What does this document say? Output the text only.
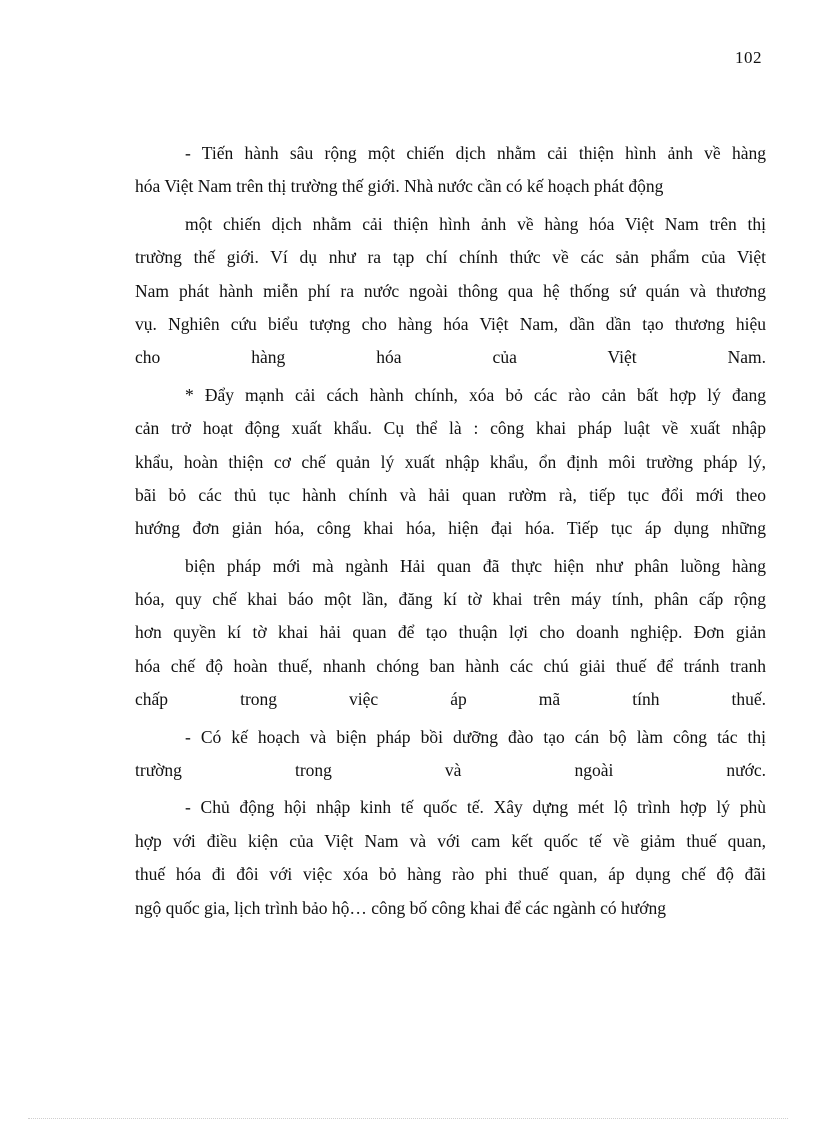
102
- Tiến hành sâu rộng một chiến dịch nhằm cải thiện hình ảnh về hàng
hóa Việt Nam trên thị trường thế giới. Nhà nước cần có kế hoạch phát động
một chiến dịch nhằm cải thiện hình ảnh về hàng hóa Việt Nam trên thị
trường thế giới. Ví dụ như ra tạp chí chính thức về các sản phẩm của Việt
Nam phát hành miễn phí ra nước ngoài thông qua hệ thống sứ quán và thương
vụ. Nghiên cứu biểu tượng cho hàng hóa Việt Nam, dần dần tạo thương hiệu
cho hàng hóa của Việt Nam.
* Đẩy mạnh cải cách hành chính, xóa bỏ các rào cản bất hợp lý đang
cản trở hoạt động xuất khẩu. Cụ thể là : công khai pháp luật về xuất nhập
khẩu, hoàn thiện cơ chế quản lý xuất nhập khẩu, ổn định môi trường pháp lý,
bãi bỏ các thủ tục hành chính và hải quan rườm rà, tiếp tục đổi mới theo
hướng đơn giản hóa, công khai hóa, hiện đại hóa. Tiếp tục áp dụng những
biện pháp mới mà ngành Hải quan đã thực hiện như phân luồng hàng
hóa, quy chế khai báo một lần, đăng kí tờ khai trên máy tính, phân cấp rộng
hơn quyền kí tờ khai hải quan để tạo thuận lợi cho doanh nghiệp. Đơn giản
hóa chế độ hoàn thuế, nhanh chóng ban hành các chú giải thuế để tránh tranh
chấp trong việc áp mã tính thuế.
- Có kế hoạch và biện pháp bồi dưỡng đào tạo cán bộ làm công tác thị
trường trong và ngoài nước.
- Chủ động hội nhập kinh tế quốc tế. Xây dựng mét lộ trình hợp lý phù
hợp với điều kiện của Việt Nam và với cam kết quốc tế về giảm thuế quan,
thuế hóa đi đôi với việc xóa bỏ hàng rào phi thuế quan, áp dụng chế độ đãi
ngộ quốc gia, lịch trình bảo hộ… công bố công khai để các ngành có hướng
